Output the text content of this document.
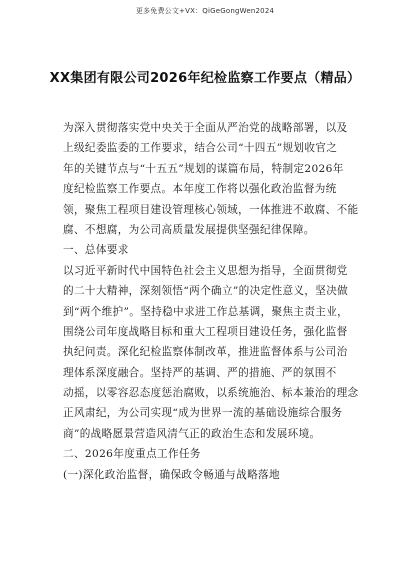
更多免费公文+VX：QiGeGongWen2024
XX集团有限公司2026年纪检监察工作要点（精品）
为深入贯彻落实党中央关于全面从严治党的战略部署，以及
上级纪委监委的工作要求，结合公司“十四五”规划收官之
年的关键节点与“十五五”规划的谋篇布局，特制定2026年
度纪检监察工作要点。本年度工作将以强化政治监督为统
领，聚焦工程项目建设管理核心领域，一体推进不敢腐、不能
腐、不想腐，为公司高质量发展提供坚强纪律保障。
一、总体要求
以习近平新时代中国特色社会主义思想为指导，全面贯彻党
的二十大精神，深刻领悟“两个确立”的决定性意义，坚决做
到“两个维护”。坚持稳中求进工作总基调，聚焦主责主业，
围绕公司年度战略目标和重大工程项目建设任务，强化监督
执纪问责。深化纪检监察体制改革，推进监督体系与公司治
理体系深度融合。坚持严的基调、严的措施、严的氛围不
动摇，以零容忍态度惩治腐败，以系统施治、标本兼治的理念
正风肃纪，为公司实现“成为世界一流的基础设施综合服务
商”的战略愿景营造风清气正的政治生态和发展环境。
二、2026年度重点工作任务
(一)深化政治监督，确保政令畅通与战略落地
